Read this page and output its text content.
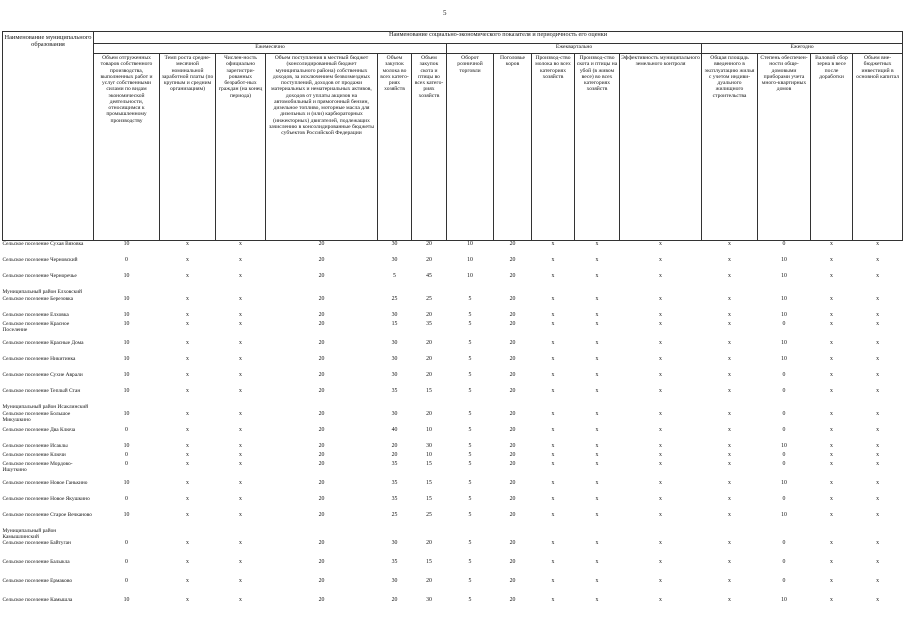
5
Наименование муниципального образования	Наименование социально-экономического показателя и периодичность его оценки														
	Ежемесячно						Ежеквартально					Ежегодно			
	Объем отгруженных товаров собственного производства, выполненных работ и услуг собственными силами по видам экономической деятельности, относящимся к промышленному производству	Темп роста средне-месячной номинальной заработной платы (по крупным и средним организациям)	Числен-ность официально зарегистри-рованных безработ-ных граждан (на конец периода)	Объем поступления в местный бюджет (консолидированный бюджет муниципального района) собственных доходов, за исключением безвозмездных поступлений, доходов от продажи материальных и нематериальных активов, доходов от уплаты акцизов на автомобильный и прямогонный бензин, дизельное топливо, моторные масла для дизельных и (или) карбюраторных (инжекторных) двигателей, подлежащих зачислению в консолидированные бюджеты субъектов Российской Федерации	Объем закупок молока во всех катего-риях хозяйств	Объем закупок скота и птицы во всех катего-риях хозяйств	Оборот розничной торговли	Поголовье коров	Производ-ство молока во всех категориях хозяйств	Производ-ство скота и птицы на убой (в живом весе) во всех категориях хозяйств	Эффективность муниципального земельного контроля	Общая площадь введенного в эксплуатацию жилья с учетом индиви-дуального жилищного строительства	Степень обеспечен-ности обще-домовыми приборами учета много-квартирных домов	Валовой сбор зерна в весе после доработки	Объем вне-бюджетных инвестиций в основной капитал
Сельское поселение Сухая Вязовка	10	х	х	20	30	20	10	20	х	х	х	х	0	х	х
Сельское поселение Черновский	0	х	х	20	30	20	10	20	х	х	х	х	10	х	х
Сельское поселение Черноречье	10	х	х	20	5	45	10	20	х	х	х	х	10	х	х
Муниципальный район Елховский															
Сельское поселение Березовка	10	х	х	20	25	25	5	20	х	х	х	х	10	х	х
Сельское поселение Елховка	10	х	х	20	30	20	5	20	х	х	х	х	10	х	х
Сельское поселение Красное Поселение	10	х	х	20	15	35	5	20	х	х	х	х	0	х	х
Сельское поселение Красные Дома	10	х	х	20	30	20	5	20	х	х	х	х	10	х	х
Сельское поселение Никитинка	10	х	х	20	30	20	5	20	х	х	х	х	10	х	х
Сельское поселение Сухие Аврали	10	х	х	20	30	20	5	20	х	х	х	х	0	х	х
Сельское поселение Теплый Стан	10	х	х	20	35	15	5	20	х	х	х	х	0	х	х
Муниципальный район Исаклинский															
Сельское поселение Большое Микушкино	10	х	х	20	30	20	5	20	х	х	х	х	0	х	х
Сельское поселение Два Ключа	0	х	х	20	40	10	5	20	х	х	х	х	0	х	х
Сельское поселение Исаклы	10	х	х	20	20	30	5	20	х	х	х	х	10	х	х
Сельское поселение Ключи	0	х	х	20	20	10	5	20	х	х	х	х	0	х	х
Сельское поселение Мордово-Ишуткино	0	х	х	20	35	15	5	20	х	х	х	х	0	х	х
Сельское поселение Новое Ганькино	10	х	х	20	35	15	5	20	х	х	х	х	10	х	х
Сельское поселение Новое Якушкино	0	х	х	20	35	15	5	20	х	х	х	х	0	х	х
Сельское поселение Старое Вечканово	10	х	х	20	25	25	5	20	х	х	х	х	10	х	х
Муниципальный район Камышлинский															
Сельское поселение Байтуган	0	х	х	20	30	20	5	20	х	х	х	х	0	х	х
Сельское поселение Балыкла	0	х	х	20	35	15	5	20	х	х	х	х	0	х	х
Сельское поселение Ермаково	0	х	х	20	30	20	5	20	х	х	х	х	0	х	х
Сельское поселение Камышла	10	х	х	20	20	30	5	20	х	х	х	х	10	х	х
